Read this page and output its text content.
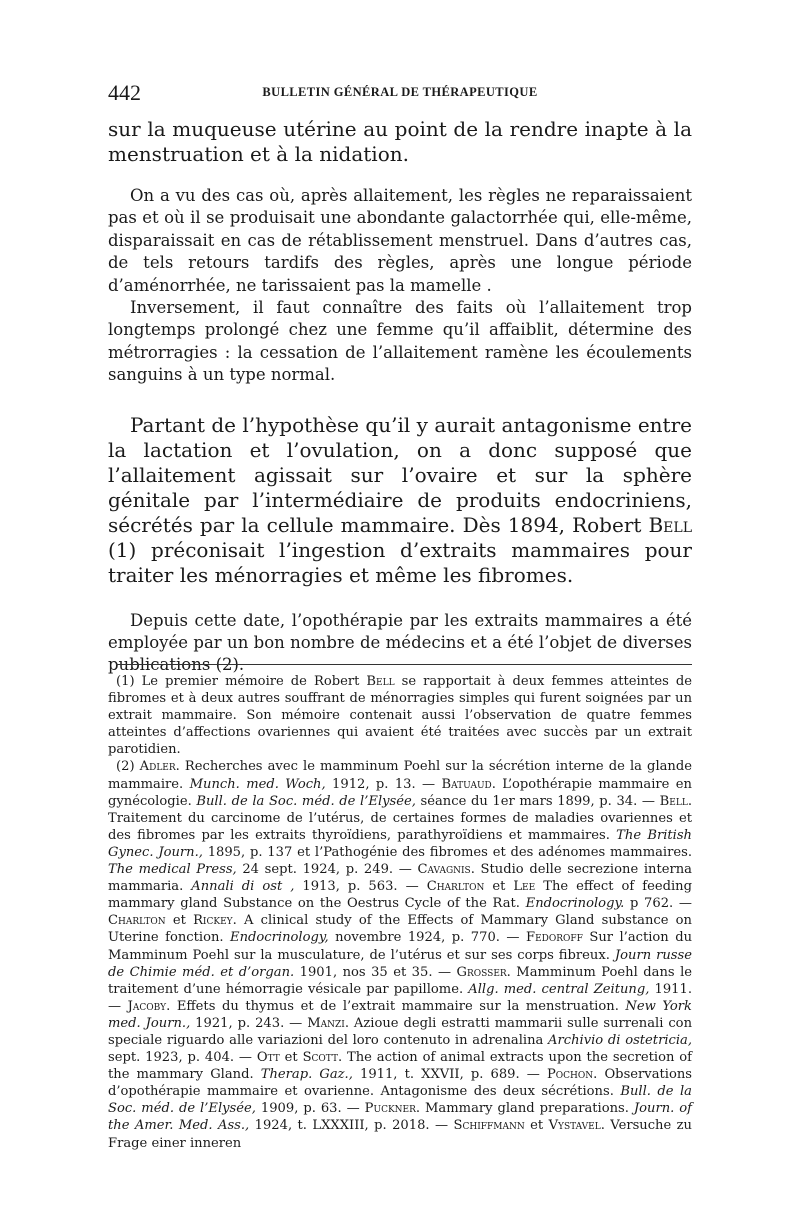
442	BULLETIN GÉNÉRAL DE THÉRAPEUTIQUE

sur la muqueuse utérine au point de la rendre inapte à la menstruation et à la nidation.

On a vu des cas où, après allaitement, les règles ne reparaissaient pas et où il se produisait une abondante galactorrhée qui, elle-même, disparaissait en cas de rétablissement menstruel. Dans d’autres cas, de tels retours tardifs des règles, après une longue période d’aménorrhée, ne tarissaient pas la mamelle .

Inversement, il faut connaître des faits où l’allaitement trop longtemps prolongé chez une femme qu’il affaiblit, détermine des métrorragies : la cessation de l’allaitement ramène les écoulements sanguins à un type normal.

Partant de l’hypothèse qu’il y aurait antagonisme entre la lactation et l’ovulation, on a donc supposé que l’allaitement agissait sur l’ovaire et sur la sphère génitale par l’intermédiaire de produits endocriniens, sécrétés par la cellule mammaire. Dès 1894, Robert Bell (1) préconisait l’ingestion d’extraits mammaires pour traiter les ménorragies et même les fibromes.

Depuis cette date, l’opothérapie par les extraits mammaires a été employée par un bon nombre de médecins et a été l’objet de diverses publications (2).

(1) Le premier mémoire de Robert Bell se rapportait à deux femmes atteintes de fibromes et à deux autres souffrant de ménorragies simples qui furent soignées par un extrait mammaire. Son mémoire contenait aussi l’observation de quatre femmes atteintes d’affections ovariennes qui avaient été traitées avec succès par un extrait parotidien.

(2) Adler. Recherches avec le mamminum Poehl sur la sécrétion interne de la glande mammaire. Munch. med. Woch, 1912, p. 13. — Batuaud. L’opothérapie mammaire en gynécologie. Bull. de la Soc. méd. de l’Elysée, séance du 1er mars 1899, p. 34. — Bell. Traitement du carcinome de l’utérus, de certaines formes de maladies ovariennes et des fibromes par les extraits thyroïdiens, parathyroïdiens et mammaires. The British Gynec. Journ., 1895, p. 137 et l’Pathogénie des fibromes et des adénomes mammaires. The medical Press, 24 sept. 1924, p. 249. — Cavagnis. Studio delle secrezione interna mammaria. Annali di ost , 1913, p. 563. — Charlton et Lee The effect of feeding mammary gland Substance on the Oestrus Cycle of the Rat. Endocrinology. p 762. — Charlton et Rickey. A clinical study of the Effects of Mammary Gland substance on Uterine fonction. Endocrinology, novembre 1924, p. 770. — Fedoroff Sur l’action du Mamminum Poehl sur la musculature, de l’utérus et sur ses corps fibreux. Journ russe de Chimie méd. et d’organ. 1901, nos 35 et 35. — Grosser. Mamminum Poehl dans le traitement d’une hémorragie vésicale par papillome. Allg. med. central Zeitung, 1911. — Jacoby. Effets du thymus et de l’extrait mammaire sur la menstruation. New York med. Journ., 1921, p. 243. — Manzi. Azioue degli estratti mammarii sulle surrenali con speciale riguardo alle variazioni del loro contenuto in adrenalina Archivio di ostetricia, sept. 1923, p. 404. — Ott et Scott. The action of animal extracts upon the secretion of the mammary Gland. Therap. Gaz., 1911, t. XXVII, p. 689. — Pochon. Observations d’opothérapie mammaire et ovarienne. Antagonisme des deux sécrétions. Bull. de la Soc. méd. de l’Elysée, 1909, p. 63. — Puckner. Mammary gland preparations. Journ. of the Amer. Med. Ass., 1924, t. LXXXIII, p. 2018. — Schiffmann et Vystavel. Versuche zu Frage einer inneren
